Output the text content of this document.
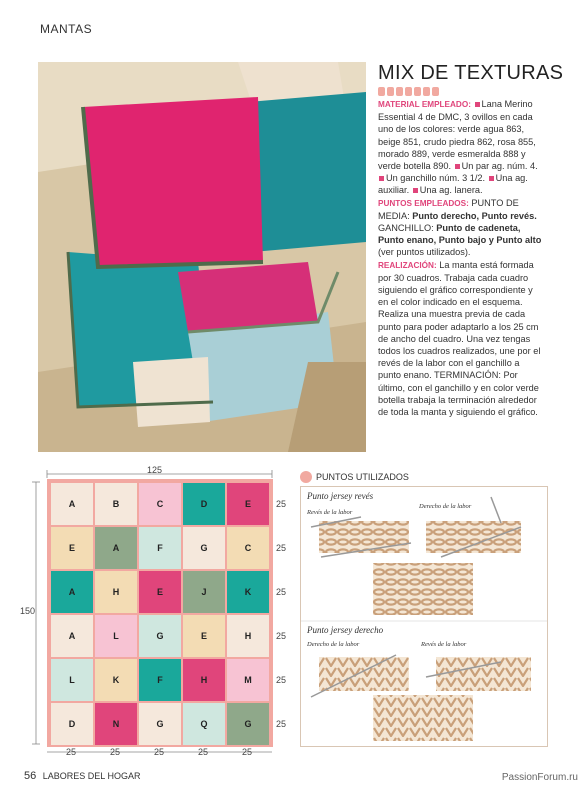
MANTAS
MIX DE TEXTURAS

MATERIAL EMPLEADO: Lana Merino Essential 4 de DMC, 3 ovillos en cada uno de los colores: verde agua 863, beige 851, crudo piedra 862, rosa 855, morado 889, verde esmeralda 888 y verde botella 890. Un par ag. núm. 4. Un ganchillo núm. 3 1/2. Una ag. auxiliar. Una ag. lanera.

PUNTOS EMPLEADOS: PUNTO DE MEDIA: Punto derecho, Punto revés. GANCHILLO: Punto de cadeneta, Punto enano, Punto bajo y Punto alto (ver puntos utilizados).

REALIZACIÓN: La manta está formada por 30 cuadros. Trabaja cada cuadro siguiendo el gráfico correspondiente y en el color indicado en el esquema. Realiza una muestra previa de cada punto para poder adaptarlo a los 25 cm de ancho del cuadro. Una vez tengas todos los cuadros realizados, une por el revés de la labor con el ganchillo a punto enano. TERMINACIÓN: Por último, con el ganchillo y en color verde botella trabaja la terminación alrededor de toda la manta y siguiendo el gráfico.

125
150
A	B	C	D	E	25
E	A	F	G	C	25
A	H	E	J	K	25
A	L	G	E	H	25
L	K	F	H	M	25
D	N	G	Q	G	25
25	25	25	25	25
PUNTOS UTILIZADOS
Punto jersey revés
Revés de la labor
Derecho de la labor
Punto jersey derecho
Derecho de la labor	Revés de la labor
56 LABORES DEL HOGAR	PassionForum.ru
